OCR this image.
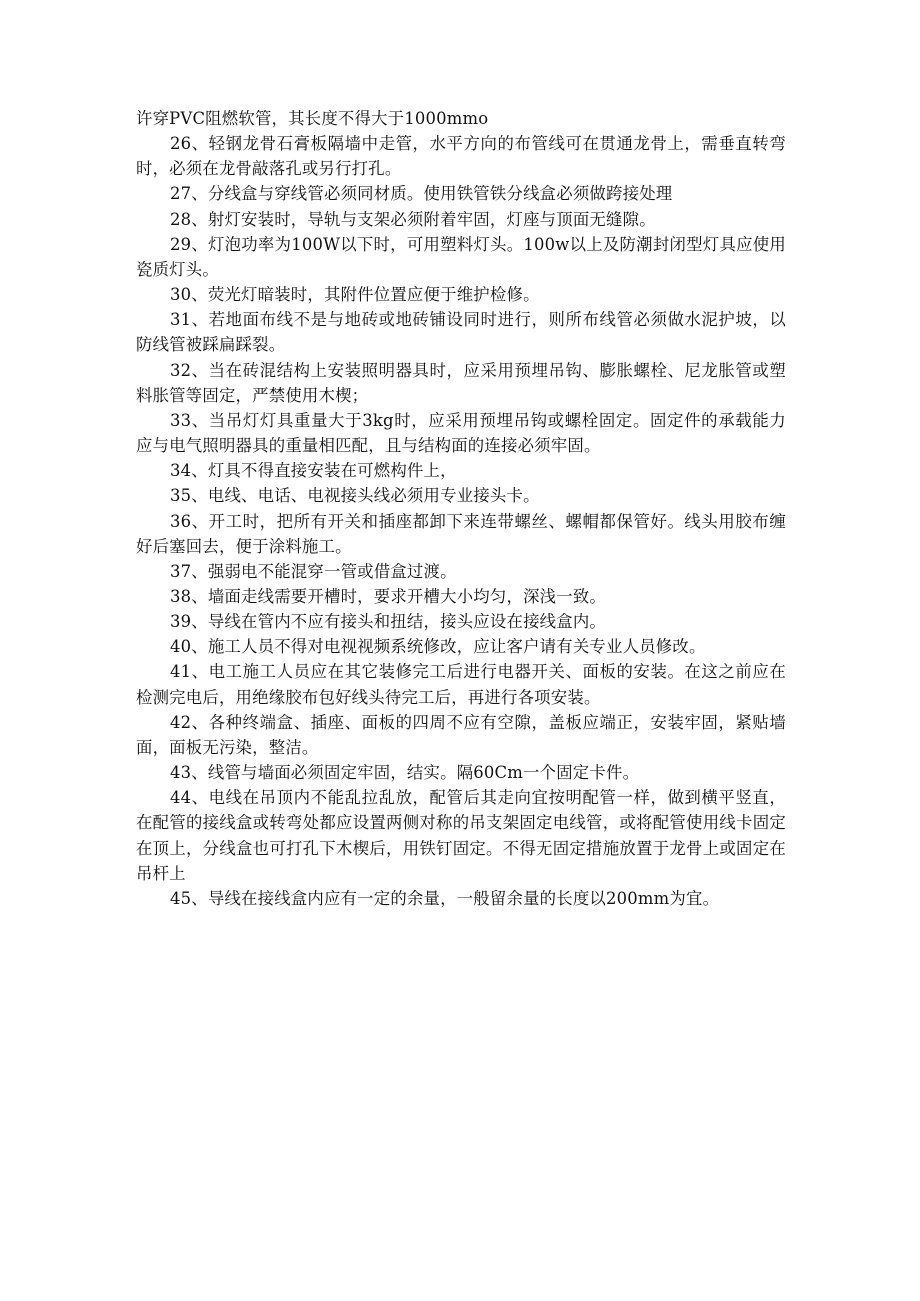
许穿PVC阻燃软管，其长度不得大于1000mmo

26、轻钢龙骨石膏板隔墙中走管，水平方向的布管线可在贯通龙骨上，需垂直转弯时，必须在龙骨敲落孔或另行打孔。

27、分线盒与穿线管必须同材质。使用铁管铁分线盒必须做跨接处理

28、射灯安装时，导轨与支架必须附着牢固，灯座与顶面无缝隙。

29、灯泡功率为100W以下时，可用塑料灯头。100w以上及防潮封闭型灯具应使用瓷质灯头。

30、荧光灯暗装时，其附件位置应便于维护检修。

31、若地面布线不是与地砖或地砖铺设同时进行，则所布线管必须做水泥护坡，以防线管被踩扁踩裂。

32、当在砖混结构上安装照明器具时，应采用预埋吊钩、膨胀螺栓、尼龙胀管或塑料胀管等固定，严禁使用木楔；

33、当吊灯灯具重量大于3kg时，应采用预埋吊钩或螺栓固定。固定件的承载能力应与电气照明器具的重量相匹配，且与结构面的连接必须牢固。

34、灯具不得直接安装在可燃构件上，

35、电线、电话、电视接头线必须用专业接头卡。

36、开工时，把所有开关和插座都卸下来连带螺丝、螺帽都保管好。线头用胶布缠好后塞回去，便于涂料施工。

37、强弱电不能混穿一管或借盒过渡。

38、墙面走线需要开槽时，要求开槽大小均匀，深浅一致。

39、导线在管内不应有接头和扭结，接头应设在接线盒内。

40、施工人员不得对电视视频系统修改，应让客户请有关专业人员修改。

41、电工施工人员应在其它装修完工后进行电器开关、面板的安装。在这之前应在检测完电后，用绝缘胶布包好线头待完工后，再进行各项安装。

42、各种终端盒、插座、面板的四周不应有空隙，盖板应端正，安装牢固，紧贴墙面，面板无污染，整洁。

43、线管与墙面必须固定牢固，结实。隔60Cm一个固定卡件。

44、电线在吊顶内不能乱拉乱放，配管后其走向宜按明配管一样，做到横平竖直，在配管的接线盒或转弯处都应设置两侧对称的吊支架固定电线管，或将配管使用线卡固定在顶上，分线盒也可打孔下木楔后，用铁钉固定。不得无固定措施放置于龙骨上或固定在吊杆上

45、导线在接线盒内应有一定的余量，一般留余量的长度以200mm为宜。
